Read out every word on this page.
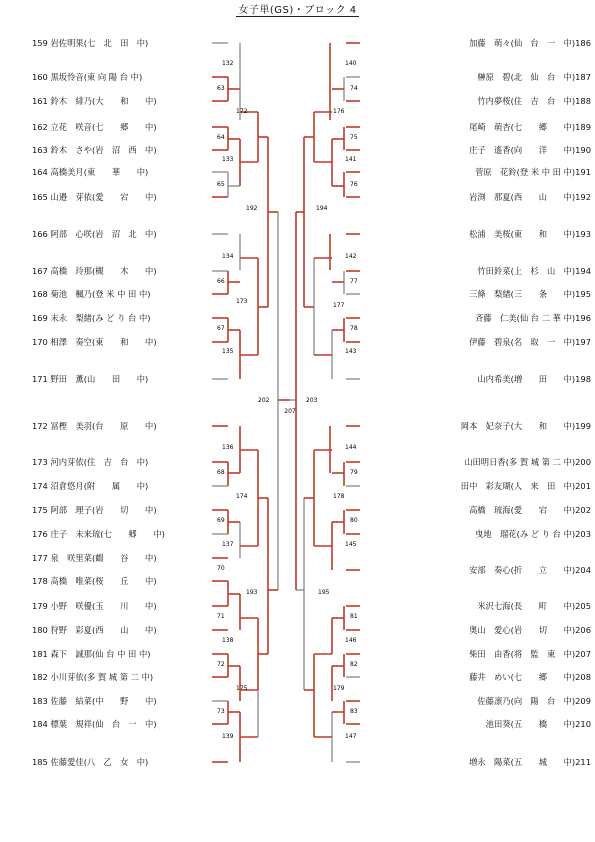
女子単(GS)・ブロック 4
159 岩佐明果(七　北　田　中)
160 黒坂怜音(東 向 陽 台 中)
161 鈴木　緋乃(大　　和　　中)
162 立花　咲音(七　　郷　　中)
163 鈴木　さや(岩　沼　西　中)
164 高橋美月(東　　華　　中)
165 山邉　芽依(愛　　宕　　中)
166 阿部　心咲(岩　沼　北　中)
167 高橋　玲那(槻　　木　　中)
168 菊池　楓乃(登 米 中 田 中)
169 末永　梨緒(み ど り 台 中)
170 相澤　奏空(東　　和　　中)
171 野田　薫(山　　田　　中)
172 冨樫　美羽(台　　原　　中)
173 河内芽依(住　吉　台　中)
174 沼倉悠月(附　　属　　中)
175 阿部　理子(岩　　切　　中)
176 庄子　未来琉(七　　郷　　中)
177 泉　咲里菜(鶴　　谷　　中)
178 高橋　唯菜(桜　　丘　　中)
179 小野　咲優(玉　　川　　中)
180 狩野　彩夏(西　　山　　中)
181 森下　誠那(仙 台 中 田 中)
182 小川芽依(多 賀 城 第 二 中)
183 佐藤　結菜(中　　野　　中)
184 標葉　規祥(仙　台　一　中)
185 佐藤愛佳(八　乙　女　中)
加藤　萌々(仙　台　一　中)186
榊原　碧(北　仙　台　中)187
竹内夢桜(住　吉　台　中)188
尾崎　萌杏(七　　郷　　中)189
庄子　遙香(向　　洋　　中)190
菅原　花鈴(登 米 中 田 中)191
岩渕　那夏(西　　山　　中)192
松浦　美桜(東　　和　　中)193
竹田鈴菜(上　杉　山　中)194
三條　梨緒(三　　条　　中)195
斉藤　仁美(仙 台 二 華 中)196
伊藤　碧泉(名　取　一　中)197
山内希美(増　　田　　中)198
岡本　妃奈子(大　　和　　中)199
山田明日香(多 賀 城 第 二 中)200
田中　彩友瑚(人　来　田　中)201
高橋　琉海(愛　　宕　　中)202
曳地　瑠花(み ど り 台 中)203
安部　奏心(折　　立　　中)204
米沢七海(長　　町　　中)205
奥山　愛心(岩　　切　　中)206
柴田　由香(将　監　東　中)207
藤井　めい(七　　郷　　中)208
佐藤凛乃(向　陽　台　中)209
池田葵(五　　橋　　中)210
増永　陽菜(五　　城　　中)211
132
63
172
64
133
65
192
134
66
173
67
135
202
136
68
174
69
137
70
193
71
138
72
175
73
139
140
74
176
75
141
76
194
142
77
177
78
143
203
144
79
178
80
145
195
81
146
82
179
83
147
207
